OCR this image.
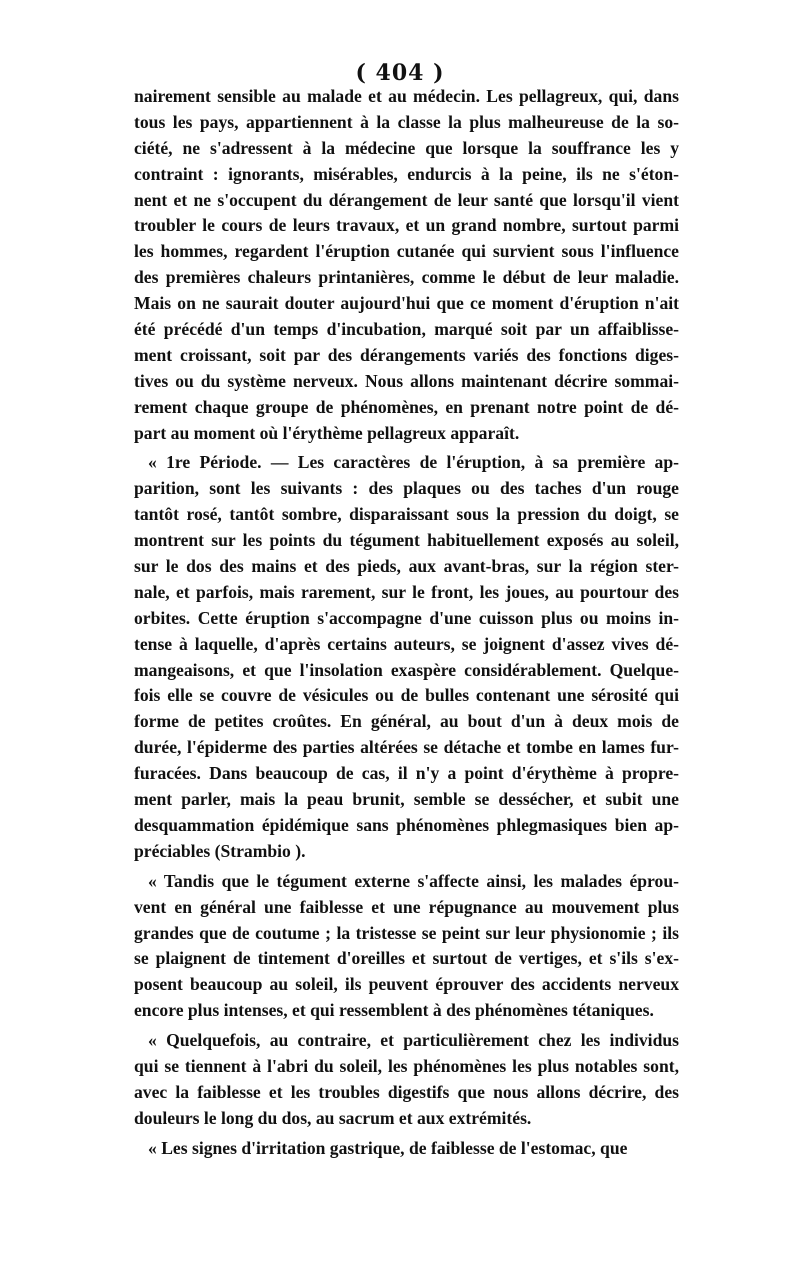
( 404 )
nairement sensible au malade et au médecin. Les pellagreux, qui, dans
tous les pays, appartiennent à la classe la plus malheureuse de la so-
ciété, ne s'adressent à la médecine que lorsque la souffrance les y
contraint : ignorants, misérables, endurcis à la peine, ils ne s'éton-
nent et ne s'occupent du dérangement de leur santé que lorsqu'il vient
troubler le cours de leurs travaux, et un grand nombre, surtout parmi
les hommes, regardent l'éruption cutanée qui survient sous l'influence
des premières chaleurs printanières, comme le début de leur maladie.
Mais on ne saurait douter aujourd'hui que ce moment d'éruption n'ait
été précédé d'un temps d'incubation, marqué soit par un affaiblisse-
ment croissant, soit par des dérangements variés des fonctions diges-
tives ou du système nerveux. Nous allons maintenant décrire sommai-
rement chaque groupe de phénomènes, en prenant notre point de dé-
part au moment où l'érythème pellagreux apparaît.
« 1re Période. — Les caractères de l'éruption, à sa première ap-
parition, sont les suivants : des plaques ou des taches d'un rouge
tantôt rosé, tantôt sombre, disparaissant sous la pression du doigt, se
montrent sur les points du tégument habituellement exposés au soleil,
sur le dos des mains et des pieds, aux avant-bras, sur la région ster-
nale, et parfois, mais rarement, sur le front, les joues, au pourtour des
orbites. Cette éruption s'accompagne d'une cuisson plus ou moins in-
tense à laquelle, d'après certains auteurs, se joignent d'assez vives dé-
mangeaisons, et que l'insolation exaspère considérablement. Quelque-
fois elle se couvre de vésicules ou de bulles contenant une sérosité qui
forme de petites croûtes. En général, au bout d'un à deux mois de
durée, l'épiderme des parties altérées se détache et tombe en lames fur-
furacées. Dans beaucoup de cas, il n'y a point d'érythème à propre-
ment parler, mais la peau brunit, semble se dessécher, et subit une
desquammation épidémique sans phénomènes phlegmasiques bien ap-
préciables (Strambio ).
« Tandis que le tégument externe s'affecte ainsi, les malades éprou-
vent en général une faiblesse et une répugnance au mouvement plus
grandes que de coutume ; la tristesse se peint sur leur physionomie ; ils
se plaignent de tintement d'oreilles et surtout de vertiges, et s'ils s'ex-
posent beaucoup au soleil, ils peuvent éprouver des accidents nerveux
encore plus intenses, et qui ressemblent à des phénomènes tétaniques.
« Quelquefois, au contraire, et particulièrement chez les individus
qui se tiennent à l'abri du soleil, les phénomènes les plus notables sont,
avec la faiblesse et les troubles digestifs que nous allons décrire, des
douleurs le long du dos, au sacrum et aux extrémités.
« Les signes d'irritation gastrique, de faiblesse de l'estomac, que
